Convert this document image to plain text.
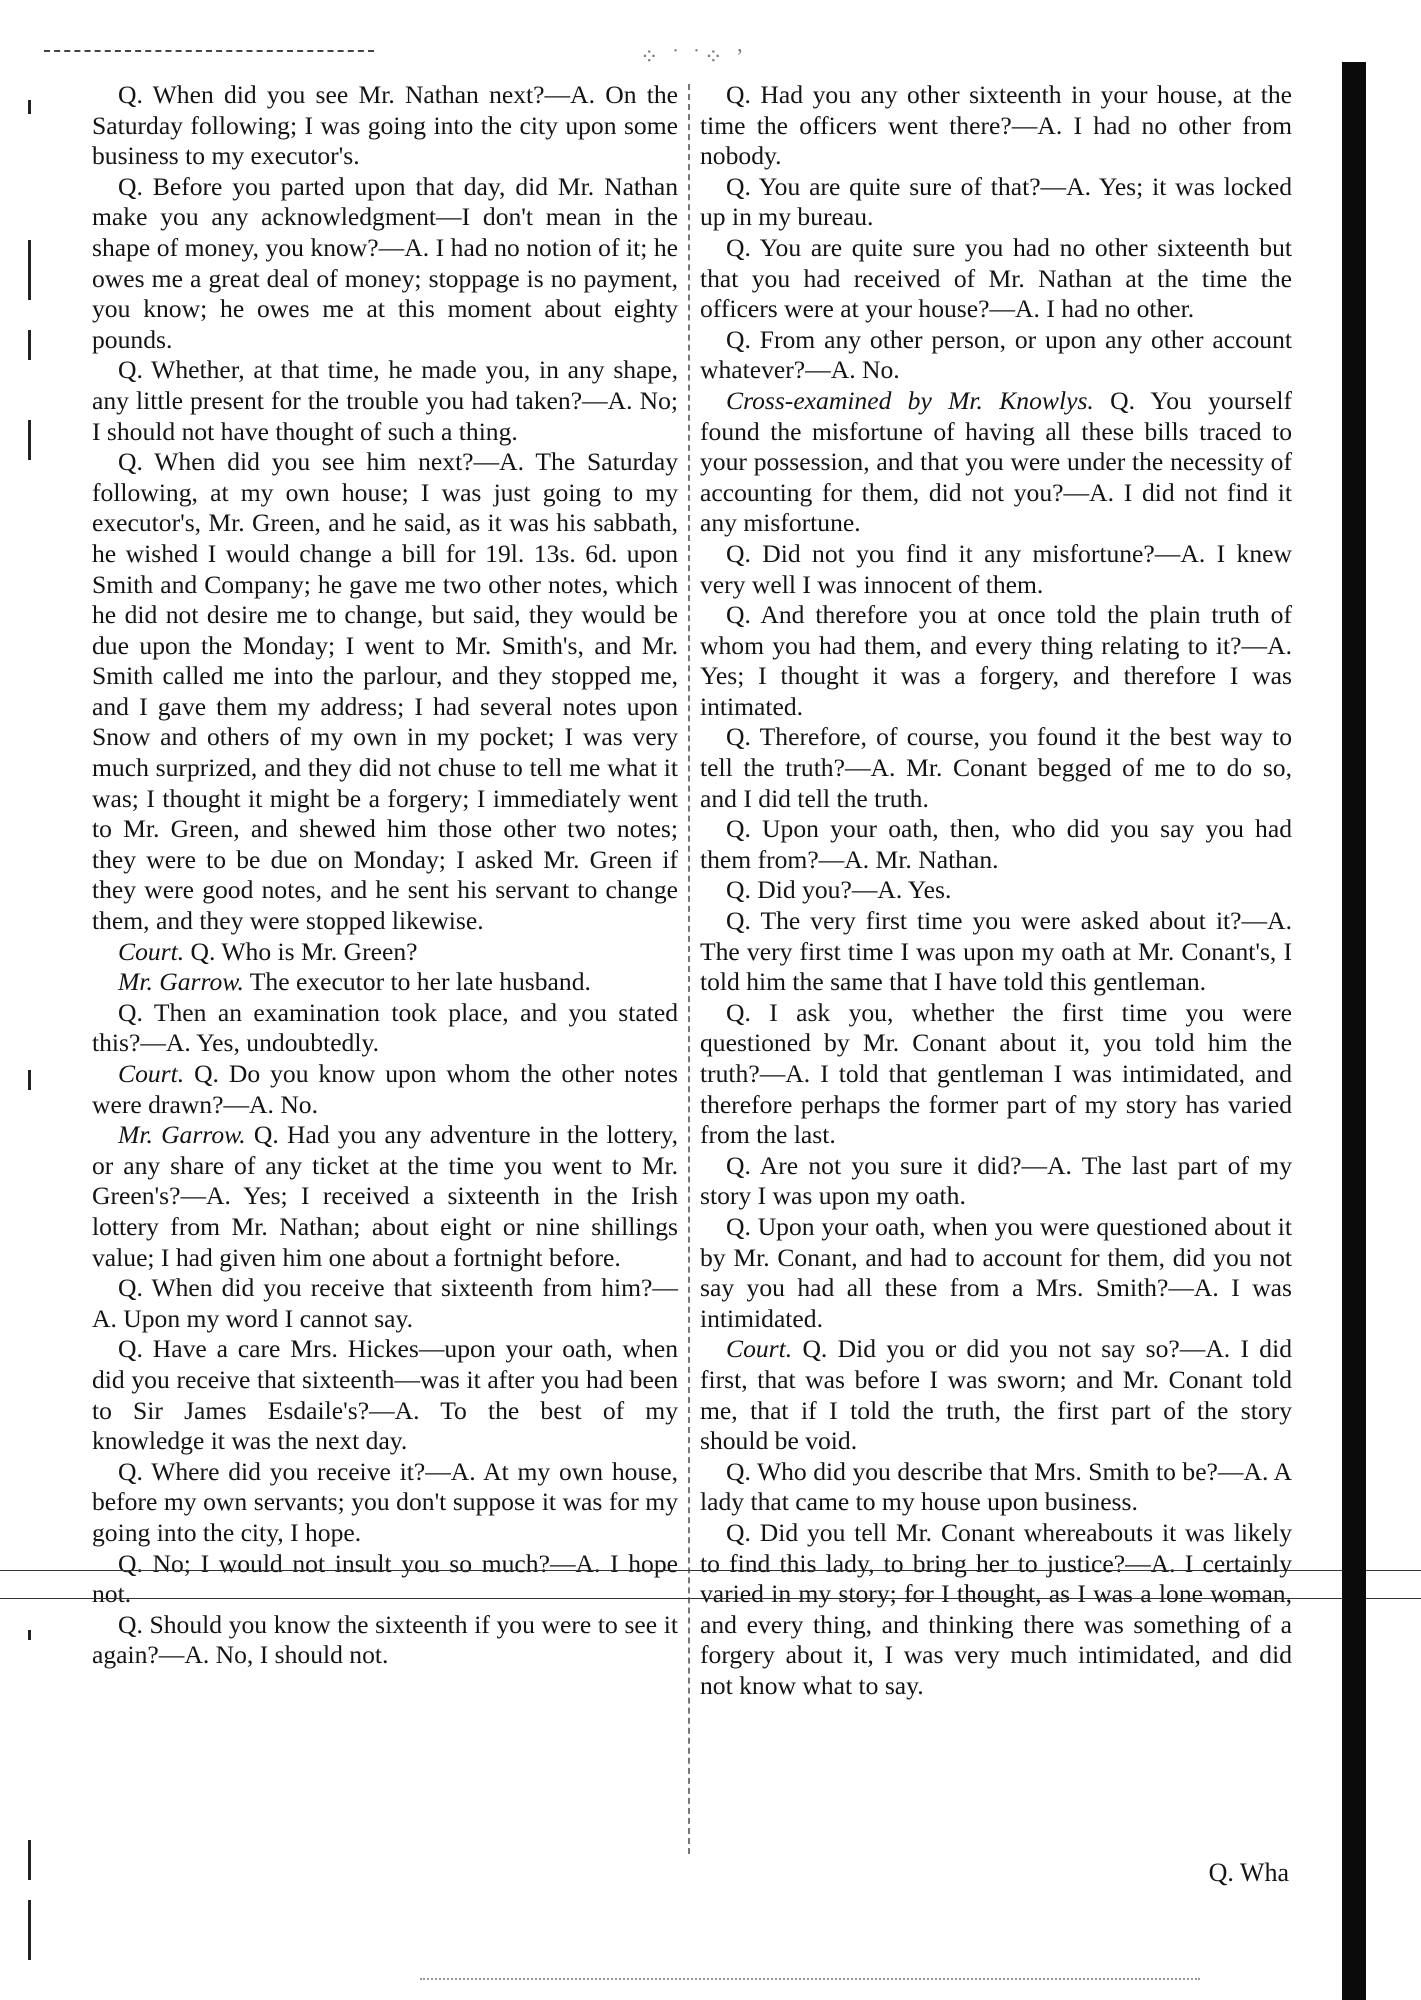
⁘ ˙ ˙⁘ ʼ

Q. When did you see Mr. Nathan next?—A. On the Saturday following; I was going into the city upon some business to my executor's.

Q. Before you parted upon that day, did Mr. Nathan make you any acknowledgment—I don't mean in the shape of money, you know?—A. I had no notion of it; he owes me a great deal of money; stoppage is no payment, you know; he owes me at this moment about eighty pounds.

Q. Whether, at that time, he made you, in any shape, any little present for the trouble you had taken?—A. No; I should not have thought of such a thing.

Q. When did you see him next?—A. The Saturday following, at my own house; I was just going to my executor's, Mr. Green, and he said, as it was his sabbath, he wished I would change a bill for 19l. 13s. 6d. upon Smith and Company; he gave me two other notes, which he did not desire me to change, but said, they would be due upon the Monday; I went to Mr. Smith's, and Mr. Smith called me into the parlour, and they stopped me, and I gave them my address; I had several notes upon Snow and others of my own in my pocket; I was very much surprized, and they did not chuse to tell me what it was; I thought it might be a forgery; I immediately went to Mr. Green, and shewed him those other two notes; they were to be due on Monday; I asked Mr. Green if they were good notes, and he sent his servant to change them, and they were stopped likewise.

Court. Q. Who is Mr. Green?

Mr. Garrow. The executor to her late husband.

Q. Then an examination took place, and you stated this?—A. Yes, undoubtedly.

Court. Q. Do you know upon whom the other notes were drawn?—A. No.

Mr. Garrow. Q. Had you any adventure in the lottery, or any share of any ticket at the time you went to Mr. Green's?—A. Yes; I received a sixteenth in the Irish lottery from Mr. Nathan; about eight or nine shillings value; I had given him one about a fortnight before.

Q. When did you receive that sixteenth from him?—A. Upon my word I cannot say.

Q. Have a care Mrs. Hickes—upon your oath, when did you receive that sixteenth—was it after you had been to Sir James Esdaile's?—A. To the best of my knowledge it was the next day.

Q. Where did you receive it?—A. At my own house, before my own servants; you don't suppose it was for my going into the city, I hope.

Q. No; I would not insult you so much?—A. I hope not.

Q. Should you know the sixteenth if you were to see it again?—A. No, I should not.

Q. Had you any other sixteenth in your house, at the time the officers went there?—A. I had no other from nobody.

Q. You are quite sure of that?—A. Yes; it was locked up in my bureau.

Q. You are quite sure you had no other sixteenth but that you had received of Mr. Nathan at the time the officers were at your house?—A. I had no other.

Q. From any other person, or upon any other account whatever?—A. No.

Cross-examined by Mr. Knowlys. Q. You yourself found the misfortune of having all these bills traced to your possession, and that you were under the necessity of accounting for them, did not you?—A. I did not find it any misfortune.

Q. Did not you find it any misfortune?—A. I knew very well I was innocent of them.

Q. And therefore you at once told the plain truth of whom you had them, and every thing relating to it?—A. Yes; I thought it was a forgery, and therefore I was intimated.

Q. Therefore, of course, you found it the best way to tell the truth?—A. Mr. Conant begged of me to do so, and I did tell the truth.

Q. Upon your oath, then, who did you say you had them from?—A. Mr. Nathan.

Q. Did you?—A. Yes.

Q. The very first time you were asked about it?—A. The very first time I was upon my oath at Mr. Conant's, I told him the same that I have told this gentleman.

Q. I ask you, whether the first time you were questioned by Mr. Conant about it, you told him the truth?—A. I told that gentleman I was intimidated, and therefore perhaps the former part of my story has varied from the last.

Q. Are not you sure it did?—A. The last part of my story I was upon my oath.

Q. Upon your oath, when you were questioned about it by Mr. Conant, and had to account for them, did you not say you had all these from a Mrs. Smith?—A. I was intimidated.

Court. Q. Did you or did you not say so?—A. I did first, that was before I was sworn; and Mr. Conant told me, that if I told the truth, the first part of the story should be void.

Q. Who did you describe that Mrs. Smith to be?—A. A lady that came to my house upon business.

Q. Did you tell Mr. Conant whereabouts it was likely to find this lady, to bring her to justice?—A. I certainly varied in my story; for I thought, as I was a lone woman, and every thing, and thinking there was something of a forgery about it, I was very much intimidated, and did not know what to say.

Q. Wha
